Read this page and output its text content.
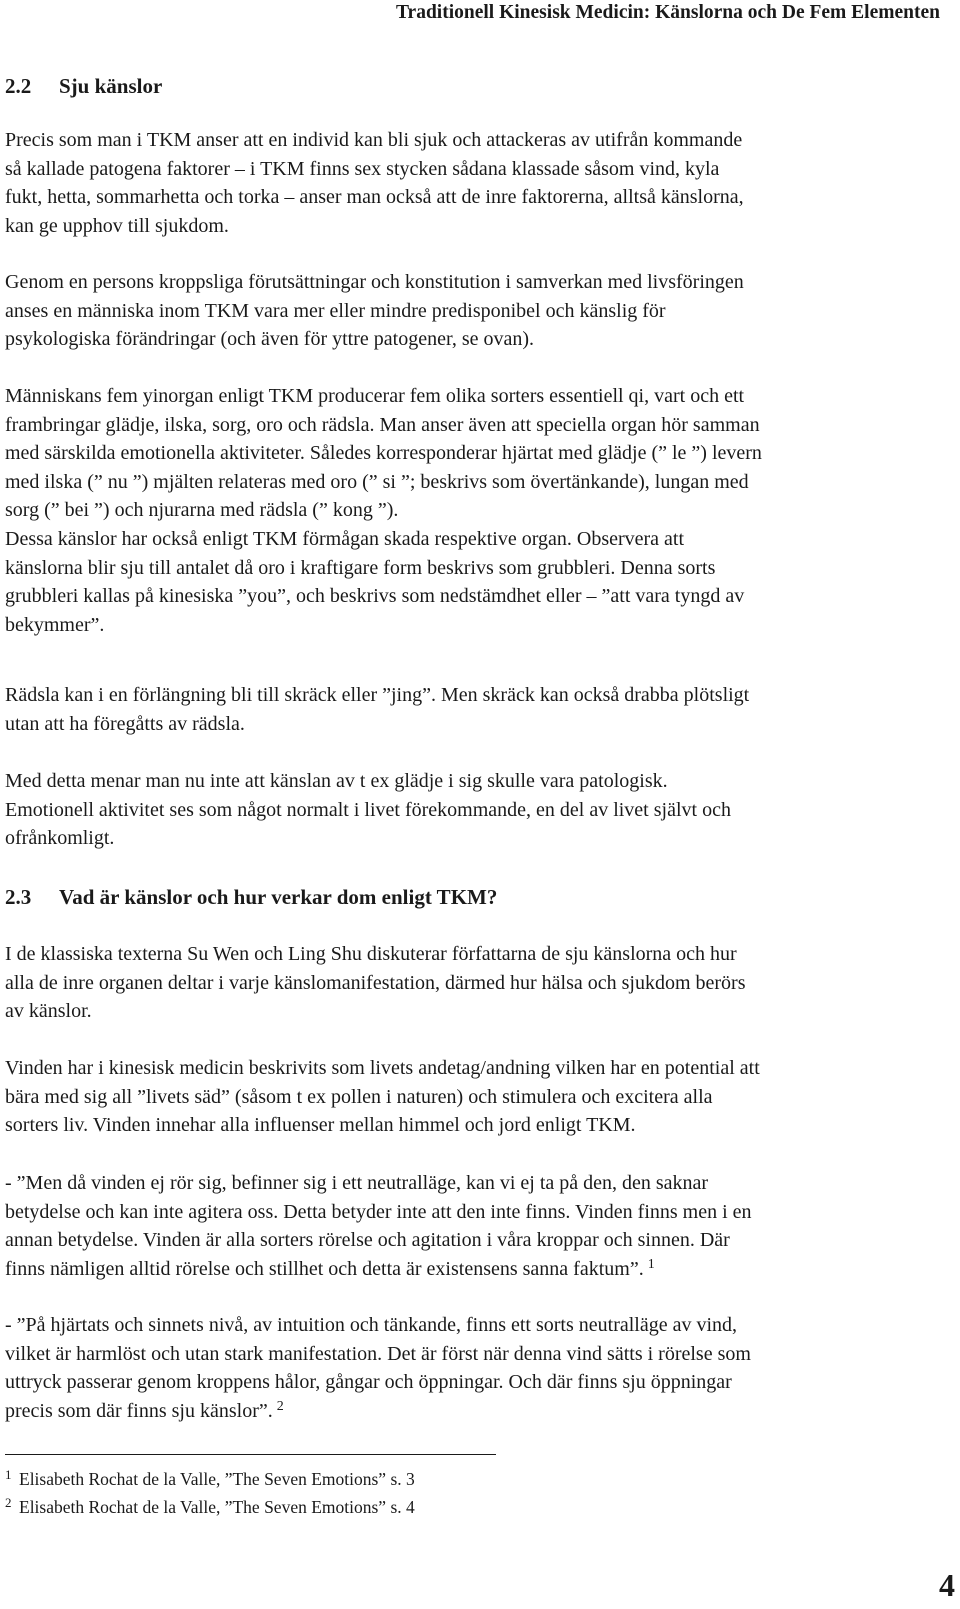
Traditionell Kinesisk Medicin: Känslorna och De Fem Elementen
2.2 Sju känslor

Precis som man i TKM anser att en individ kan bli sjuk och attackeras av utifrån kommande
så kallade patogena faktorer – i TKM finns sex stycken sådana klassade såsom vind, kyla
fukt, hetta, sommarhetta och torka – anser man också att de inre faktorerna, alltså känslorna,
kan ge upphov till sjukdom.

Genom en persons kroppsliga förutsättningar och konstitution i samverkan med livsföringen
anses en människa inom TKM vara mer eller mindre predisponibel och känslig för
psykologiska förändringar (och även för yttre patogener, se ovan).

Människans fem yinorgan enligt TKM producerar fem olika sorters essentiell qi, vart och ett
frambringar glädje, ilska, sorg, oro och rädsla. Man anser även att speciella organ hör samman
med särskilda emotionella aktiviteter. Således korresponderar hjärtat med glädje (” le ”) levern
med ilska (” nu ”) mjälten relateras med oro (” si ”; beskrivs som övertänkande), lungan med
sorg (” bei ”) och njurarna med rädsla (” kong ”).
Dessa känslor har också enligt TKM förmågan skada respektive organ. Observera att
känslorna blir sju till antalet då oro i kraftigare form beskrivs som grubbleri. Denna sorts
grubbleri kallas på kinesiska ”you”, och beskrivs som nedstämdhet eller – ”att vara tyngd av
bekymmer”.

Rädsla kan i en förlängning bli till skräck eller ”jing”. Men skräck kan också drabba plötsligt
utan att ha föregåtts av rädsla.

Med detta menar man nu inte att känslan av t ex glädje i sig skulle vara patologisk.
Emotionell aktivitet ses som något normalt i livet förekommande, en del av livet självt och
ofrånkomligt.

2.3 Vad är känslor och hur verkar dom enligt TKM?

I de klassiska texterna Su Wen och Ling Shu diskuterar författarna de sju känslorna och hur
alla de inre organen deltar i varje känslomanifestation, därmed hur hälsa och sjukdom berörs
av känslor.

Vinden har i kinesisk medicin beskrivits som livets andetag/andning vilken har en potential att
bära med sig all ”livets säd” (såsom t ex pollen i naturen) och stimulera och excitera alla
sorters liv. Vinden innehar alla influenser mellan himmel och jord enligt TKM.

- ”Men då vinden ej rör sig, befinner sig i ett neutralläge, kan vi ej ta på den, den saknar
betydelse och kan inte agitera oss. Detta betyder inte att den inte finns. Vinden finns men i en
annan betydelse. Vinden är alla sorters rörelse och agitation i våra kroppar och sinnen. Där
finns nämligen alltid rörelse och stillhet och detta är existensens sanna faktum”. $^1$

- ”På hjärtats och sinnets nivå, av intuition och tänkande, finns ett sorts neutralläge av vind,
vilket är harmlöst och utan stark manifestation. Det är först när denna vind sätts i rörelse som
uttryck passerar genom kroppens hålor, gångar och öppningar. Och där finns sju öppningar
precis som där finns sju känslor”. $^2$

1 Elisabeth Rochat de la Valle, ”The Seven Emotions” s. 3
2 Elisabeth Rochat de la Valle, ”The Seven Emotions” s. 4
4
